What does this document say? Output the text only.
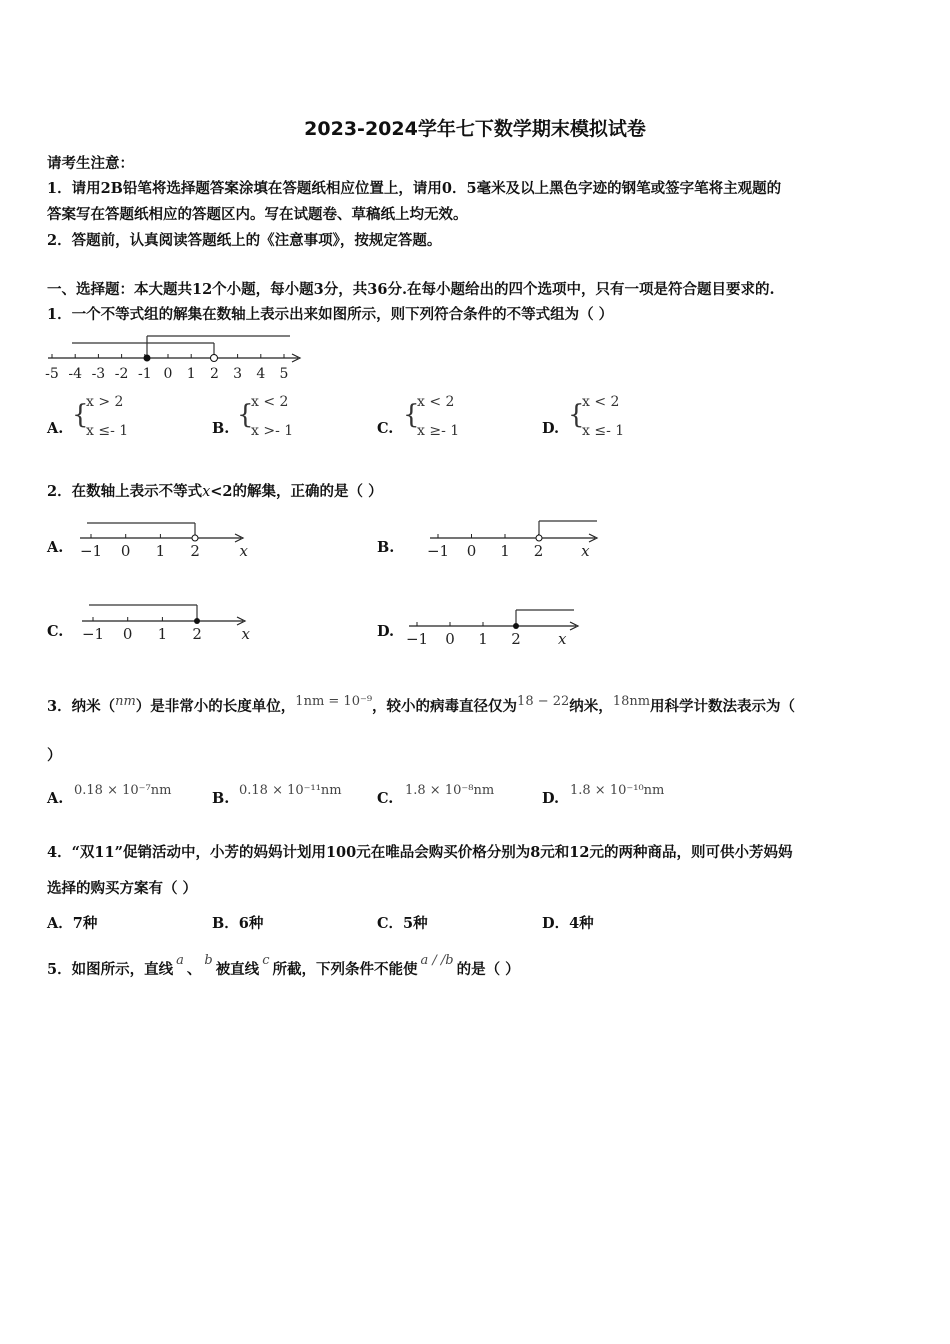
2023-2024学年七下数学期末模拟试卷
请考生注意：
1．请用2B铅笔将选择题答案涂填在答题纸相应位置上，请用0．5毫米及以上黑色字迹的钢笔或签字笔将主观题的
答案写在答题纸相应的答题区内。写在试题卷、草稿纸上均无效。
2．答题前，认真阅读答题纸上的《注意事项》，按规定答题。
一、选择题：本大题共12个小题，每小题3分，共36分.在每小题给出的四个选项中，只有一项是符合题目要求的.
1．一个不等式组的解集在数轴上表示出来如图所示，则下列符合条件的不等式组为（ ）
-5 -4 -3 -2 -1 0 1 2 3 4 5
A. {
x > 2
x ≤- 1	B. {
x < 2
x >- 1	C. {
x < 2
x ≥- 1	D. {
x < 2
x ≤- 1
2．在数轴上表示不等式x<2的解集，正确的是（ ）
A. −1 0 1 2	x	B. −1 0 1 2	x
C. −1 0 1 2	x	D. −1 0 1 2 x
3．纳米（nm）是非常小的长度单位，1nm = 10⁻⁹，较小的病毒直径仅为18 − 22纳米，18nm用科学计数法表示为（
）
A. 0.18 × 10⁻⁷nm	B. 0.18 × 10⁻¹¹nm C. 1.8 × 10⁻⁸nm	D. 1.8 × 10⁻¹⁰nm
4．“双11”促销活动中，小芳的妈妈计划用100元在唯品会购买价格分别为8元和12元的两种商品，则可供小芳妈妈
选择的购买方案有（ ）
A．7种	B．6种	C．5种	D．4种
5．如图所示，直线a、b被直线c所截，下列条件不能使a / /b的是（ ）
